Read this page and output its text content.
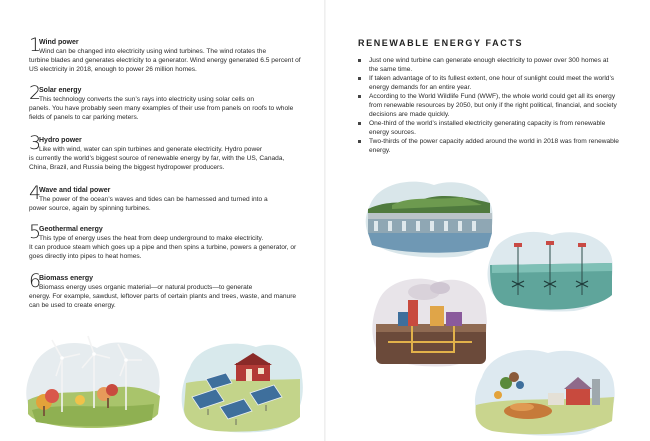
1
Wind power
Wind can be changed into electricity using wind turbines. The wind rotates the
turbine blades and generates electricity to a generator. Wind energy generated 6.5 percent of US electricity in 2018, enough to power 26 million homes.
2
Solar energy
This technology converts the sun’s rays into electricity using solar cells on
panels. You have probably seen many examples of their use from panels on roofs to whole fields of panels to car parking meters.
3
Hydro power
Like with wind, water can spin turbines and generate electricity. Hydro power
is currently the world’s biggest source of renewable energy by far, with the US, Canada, China, Brazil, and Russia being the biggest hydropower producers.
4
Wave and tidal power
The power of the ocean’s waves and tides can be harnessed and turned into a
power source, again by spinning turbines.
5
Geothermal energy
This type of energy uses the heat from deep underground to make electricity.
It can produce steam which goes up a pipe and then spins a turbine, powers a generator, or goes directly into pipes to heat homes.
6
Biomass energy
Biomass energy uses organic material—or natural products—to generate
energy. For example, sawdust, leftover parts of certain plants and trees, waste, and manure can be used to create energy.
RENEWABLE ENERGY FACTS
Just one wind turbine can generate enough electricity to power over 300 homes at the same time.
If taken advantage of to its fullest extent, one hour of sunlight could meet the world’s energy demands for an entire year.
According to the World Wildlife Fund (WWF), the whole world could get all its energy from renewable resources by 2050, but only if the right political, financial, and society decisions are made quickly.
One-third of the world’s installed electricity generating capacity is from renewable energy sources.
Two-thirds of the power capacity added around the world in 2018 was from renewable energy.
